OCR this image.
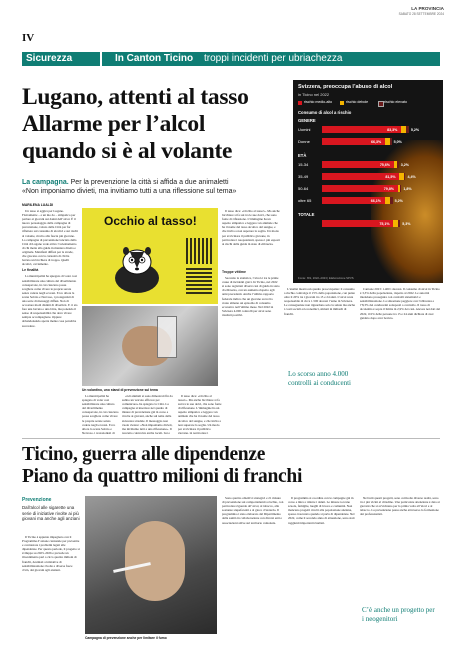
LA PROVINCIA
SABATO 28 SETTEMBRE 2024
IV
Sicurezza	In Canton Ticino troppi incidenti per ubriachezza
Lugano, attenti al tasso
Allarme per l’alcol
quando si è al volante
La campagna. Per la prevenzione la città si affida a due animaletti
«Non imponiamo divieti, ma invitiamo tutti a una riflessione sul tema»
MARILENA LUALDI

Un tasso si aggira per Lugano. Fisicamente – e un mo do – simpatico per parlare ai giovani sui danni dell’alcol. È il nuovo personaggio della campagna di prevenzione, voluto dalla Città per far riflettere sul consumo di alcolici e sui rischi al volante, rivolto alla fascia più giovane. La campagna di prevenzione lanciata dalla Città di Lugano vede attivo l’orientamento di chi mette alla guida in maniera diretta e originale. Manifesti diffusi per le strade, che giocano con la curiosità di chi ha bevuto un bicchiere di troppo. Quelli alcolici, ovviamente.

Le finalità

La municipalità ha spiegato di voler così sensibilizzare una cultura del divertimento consapevole, in cui ciascuno possa scegliere come vivere le proprie serate senza cadere negli eccessi. Ecco allora la scena Sobrio e Nervoso, i protagonisti di una serie di messaggi diffusi. Non di accostare modi distinti di divertirsi. E ci sia fare una bevuta o una birra, ma ponendo il senso di responsabilità che deve vivere sempre accompagnare. Oppure abbandonando aperta mente cosa potrebbe succedere.

Occhio al tasso!
Un volantino, uno stand di prevenzione sul tema

Il tasso dice: «Occhio al tasso!». Ma anche bicchiere si fa sui tra le sue dolci, che sono fonte di riflessione. L’immagine ha un aspetto simpatico e leggero: un animale che ha il nome del tasso alcolico del sangue, e che invita a non superare la soglia. Un modo per avvicinare il pubblico giovane, in particolare i neopatentati, spesso i più esposti ai rischi della guida in stato di ebbrezza.

«Gli animali si sono dimostrati fin da subito un veicolo efficace per comunicare» ha spiegato la Città. La campagna si inserisce nel quadro di misure di prevenzione già in corso e rivolte ai giovani, anche sul tema della sicurezza stradale. Il messaggio non vuole vietare: «Non imponiamo divieti, ma invitiamo tutti a una riflessione». Il progetto coinvolge anche locali, bar e

La municipalità ha spiegato di voler così sensibilizzare una cultura del divertimento consapevole, in cui ciascuno possa scegliere come vivere le proprie serate senza cadere negli eccessi. Ecco allora la scena Sobrio e Nervoso, i protagonisti di

Il tasso dice: «Occhio al tasso!». Ma anche bicchiere si fa sui tra le sue dolci, che sono fonte di riflessione. L’immagine ha un aspetto simpatico e leggero: un animale che ha il nome del tasso alcolico del sangue, e che invita a non superare la soglia. Un modo per avvicinare il pubblico giovane, in particolare i

Troppe vittime

Secondo la statistica, l’alcol è tra le prime cause di incidenti gravi. In Ticino, nel 2022 si sono registrati diversi casi di guida in stato di ebbrezza, con un aumento rispetto agli anni precedenti. Anche l’ultimo rapporto federale indica che un giovane su tre ha avuto almeno un episodio di consumo eccessivo nell’ultimo mese. Nel 2022 in Svizzera 4.000 controlli per alcol sono risultati positivi.

L’analisi mostra un quadro preoccupante: il consumo a rischio coinvolge il 15% della popolazione, con punte oltre il 20% tra i giovani tra 15 e 24 anni. L’alcol resta responsabile di circa 1.500 decessi l’anno in Svizzera. Le conseguenze non riguardano solo la salute ma anche i costi sociali ed economici, stimati in miliardi di franchi.

Lo scorso anno 4.000 controlli ai conducenti

Cantone 2023: 1.400 i decessi. Il consumo di alcol in Ticino è 3,3% della popolazione, rispetto al 2022. Le autorità intendono proseguire con controlli sistematici e sensibilizzazione. La situazione peggiore con l’ebbrezza e l’8,3% dei conducenti sottoposti a controllo. Il tasso di alcolemia è sopra il limite in 2,9% dei casi. Ancora nei dati del 2022, il 6% delle persone tra 15 e 24 anni dichiara di aver guidato dopo aver bevuto.

Svizzera, preoccupa l’abuso di alcol
in Ticino nel 2022
rischio medio-alto	rischio debole	rischio elevato
Consumo di alcol a rischio
GENERE
Uomini	83,3%	5,2%
Donne	66,3%	5,0%
ETÀ
15-34	75,6%	3,2%
35-49	81,5%	4,4%
50-64	79,8%	1,8%
oltre 65	66,1%	5,2%
TOTALE
75,1%	5,3%
Fonte: ISS, 2022–2023 | Elaborazione SPVS
Ticino, guerra alle dipendenze
Piano da quattro milioni di franchi
Prevenzione
Dall’alcol alle sigarette una serie di iniziative rivolte ai più giovani ma anche agli anziani

Il Ticino è appunto impegnato con il Programma d’azione cantonale per prevenire e contrastare i problemi legati alle dipendenze. Per questo periodo, il progetto si sviluppa su 2023–2026 e prevede un investimento pari a circa quattro milioni di franchi, destinati a iniziative di sensibilizzazione rivolte a diverse fasce d’età, dai giovani agli anziani.

Campagna di prevenzione anche per limitare il fumo

Sono quattro obiettivi strategici e 21 misure di prevenzione sui comportamenti a rischio, con particolare riguardo all’alcol, al tabacco, alle sostanze stupefacenti e al gioco d’azzardo. Il programma è stato elaborato dal Dipartimento della sanità in collaborazione con diversi enti e associazioni attive sul territorio cantonale.

Il programma si coordina con le campagne già in corso e mira a ridurre i danni. Le misure toccano scuole, famiglie, luoghi di lavoro e comunità. Non mancano progetti rivolti alla popolazione anziana, spesso trascurata quando si parla di dipendenze. Nel 2022, come il secondo anno di attuazione, sono stati raggiunti importanti risultati.

Nel tutti questi progetti, sono coinvolte diverse realtà, sono tra i più vicini al cittadino. Una particolare attenzione è data ai giovani che si avvicinano per la prima volta all’alcol e al tabacco. La prevenzione passa anche attraverso la formazione dei professionisti.

C’è anche un progetto per i neogenitori
